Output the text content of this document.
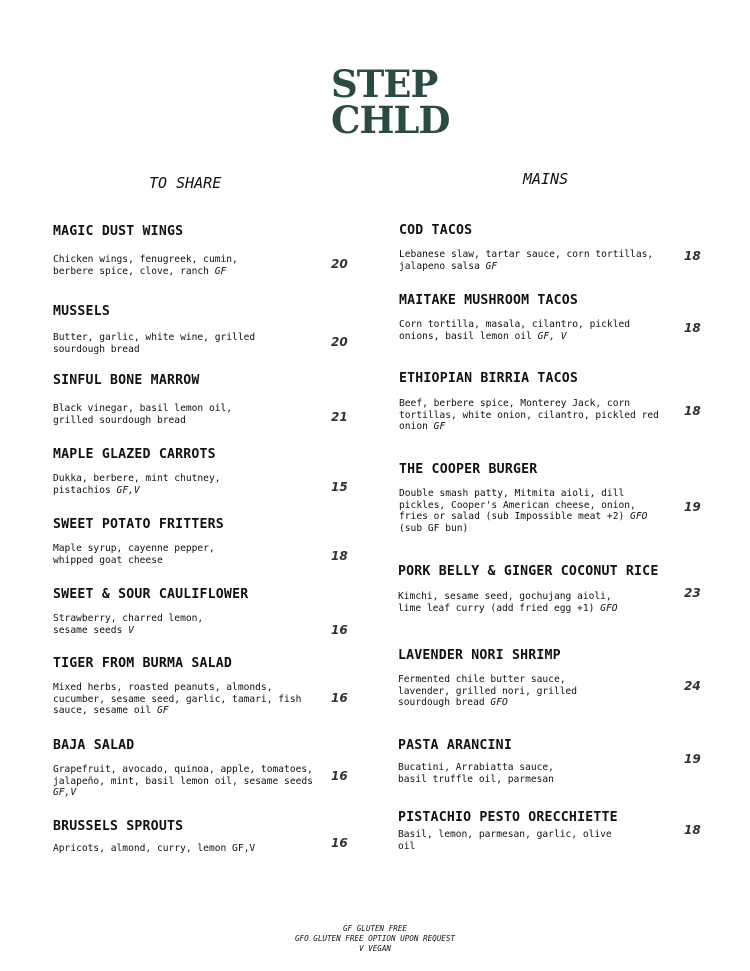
STEP
CHLD
TO SHARE	MAINS
MAGIC DUST WINGS
Chicken wings, fenugreek, cumin,
berbere spice, clove, ranch GF	20
MUSSELS
Butter, garlic, white wine, grilled
sourdough bread	20
SINFUL BONE MARROW
Black vinegar, basil lemon oil,
grilled sourdough bread	21
MAPLE GLAZED CARROTS
Dukka, berbere, mint chutney,
pistachios GF,V	15
SWEET POTATO FRITTERS
Maple syrup, cayenne pepper,
whipped goat cheese	18
SWEET & SOUR CAULIFLOWER
Strawberry, charred lemon,
sesame seeds V	16
TIGER FROM BURMA SALAD
Mixed herbs, roasted peanuts, almonds,
cucumber, sesame seed, garlic, tamari, fish
sauce, sesame oil GF
16
BAJA SALAD
Grapefruit, avocado, quinoa, apple, tomatoes,
jalapeño, mint, basil lemon oil, sesame seeds
GF,V
16
BRUSSELS SPROUTS
Apricots, almond, curry, lemon GF,V	16
COD TACOS
Lebanese slaw, tartar sauce, corn tortillas,
jalapeno salsa GF
18
MAITAKE MUSHROOM TACOS
Corn tortilla, masala, cilantro, pickled
onions, basil lemon oil GF, V
18
ETHIOPIAN BIRRIA TACOS
Beef, berbere spice, Monterey Jack, corn
tortillas, white onion, cilantro, pickled red
onion GF
18
THE COOPER BURGER
Double smash patty, Mitmita aioli, dill
pickles, Cooper's American cheese, onion,
fries or salad (sub Impossible meat +2) GFO
(sub GF bun)
19
PORK BELLY & GINGER COCONUT RICE
Kimchi, sesame seed, gochujang aioli,
lime leaf curry (add fried egg +1) GFO
23
LAVENDER NORI SHRIMP
Fermented chile butter sauce,
lavender, grilled nori, grilled
sourdough bread GFO
24
PASTA ARANCINI
Bucatini, Arrabiatta sauce,
basil truffle oil, parmesan
19
PISTACHIO PESTO ORECCHIETTE
Basil, lemon, parmesan, garlic, olive
oil
18
GF GLUTEN FREE
GFO GLUTEN FREE OPTION UPON REQUEST
V VEGAN
